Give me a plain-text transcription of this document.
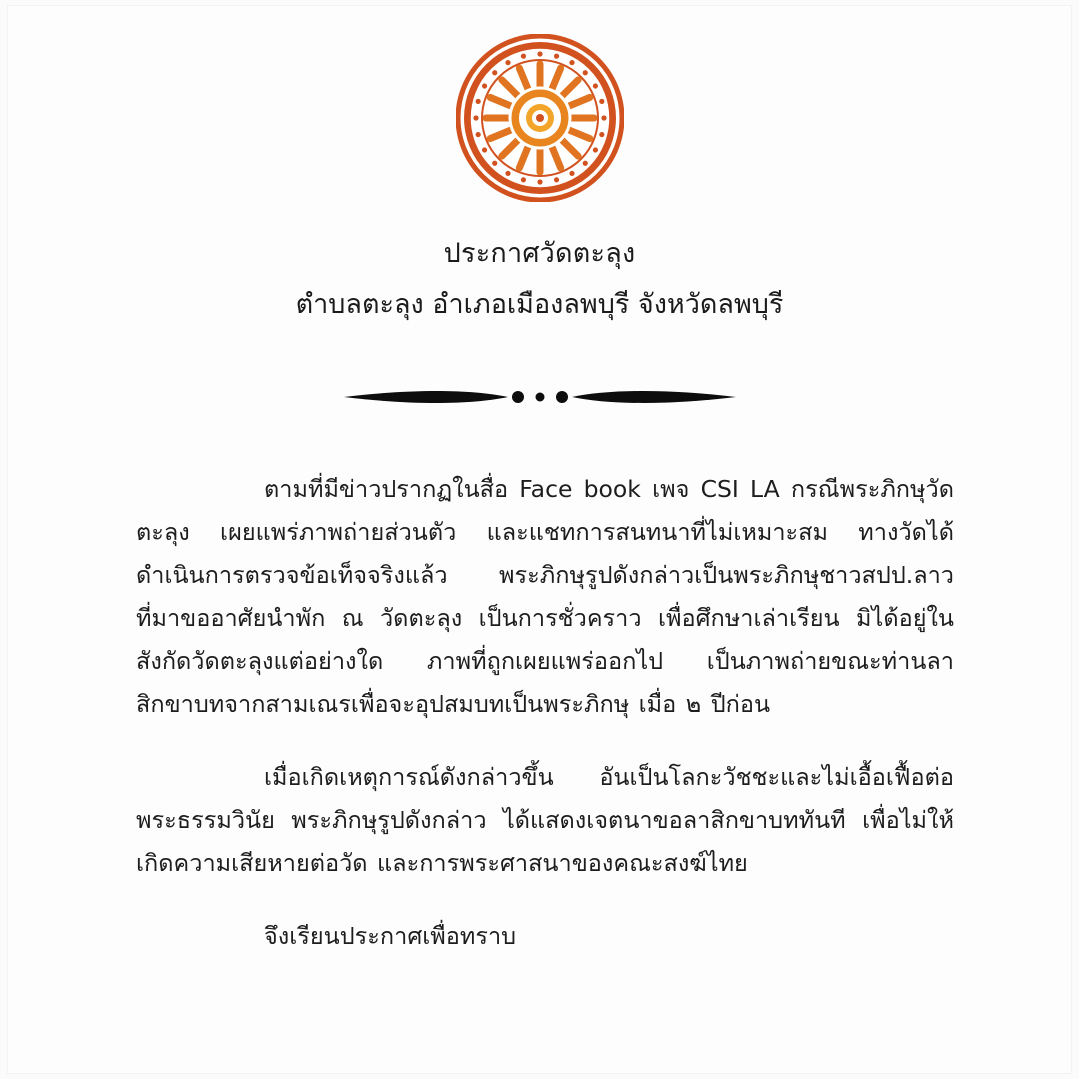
ประกาศวัดตะลุง
ตำบลตะลุง อำเภอเมืองลพบุรี จังหวัดลพบุรี

ตามที่มีข่าวปรากฏในสื่อ Face book เพจ CSI LA กรณีพระภิกษุวัดตะลุง เผยแพร่ภาพถ่ายส่วนตัว และแชทการสนทนาที่ไม่เหมาะสม ทางวัดได้ดำเนินการตรวจข้อเท็จจริงแล้ว พระภิกษุรูปดังกล่าวเป็นพระภิกษุชาวสปป.ลาว ที่มาขออาศัยนำพัก ณ วัดตะลุง เป็นการชั่วคราว เพื่อศึกษาเล่าเรียน มิได้อยู่ในสังกัดวัดตะลุงแต่อย่างใด ภาพที่ถูกเผยแพร่ออกไป เป็นภาพถ่ายขณะท่านลาสิกขาบทจากสามเณรเพื่อจะอุปสมบทเป็นพระภิกษุ เมื่อ ๒ ปีก่อน

เมื่อเกิดเหตุการณ์ดังกล่าวขึ้น อันเป็นโลกะวัชชะและไม่เอื้อเฟื้อต่อพระธรรมวินัย พระภิกษุรูปดังกล่าว ได้แสดงเจตนาขอลาสิกขาบททันที เพื่อไม่ให้เกิดความเสียหายต่อวัด และการพระศาสนาของคณะสงฆ์ไทย

จึงเรียนประกาศเพื่อทราบ
